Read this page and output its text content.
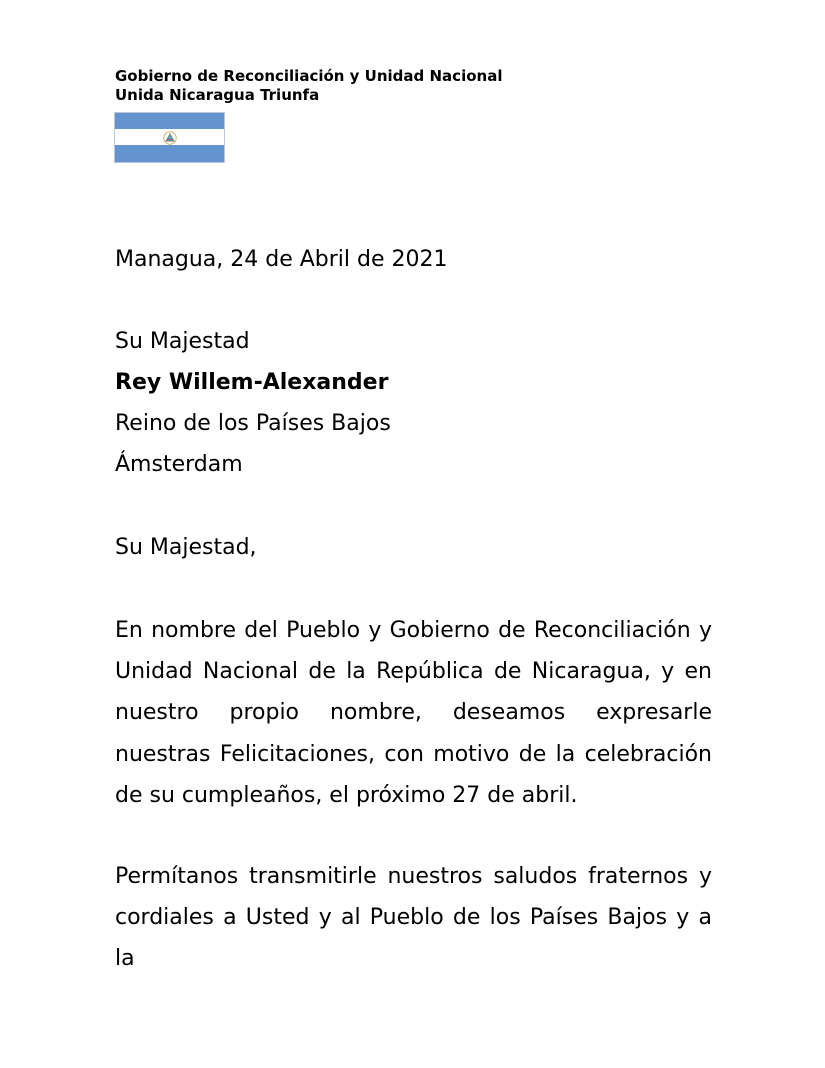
Gobierno de Reconciliación y Unidad Nacional
Unida Nicaragua Triunfa
Managua, 24 de Abril de 2021
Su Majestad
Rey Willem-Alexander
Reino de los Países Bajos
Ámsterdam
Su Majestad,

En nombre del Pueblo y Gobierno de Reconciliación y Unidad Nacional de la República de Nicaragua, y en nuestro propio nombre, deseamos expresarle nuestras Felicitaciones, con motivo de la celebración de su cumpleaños, el próximo 27 de abril.

Permítanos transmitirle nuestros saludos fraternos y cordiales a Usted y al Pueblo de los Países Bajos y a la
